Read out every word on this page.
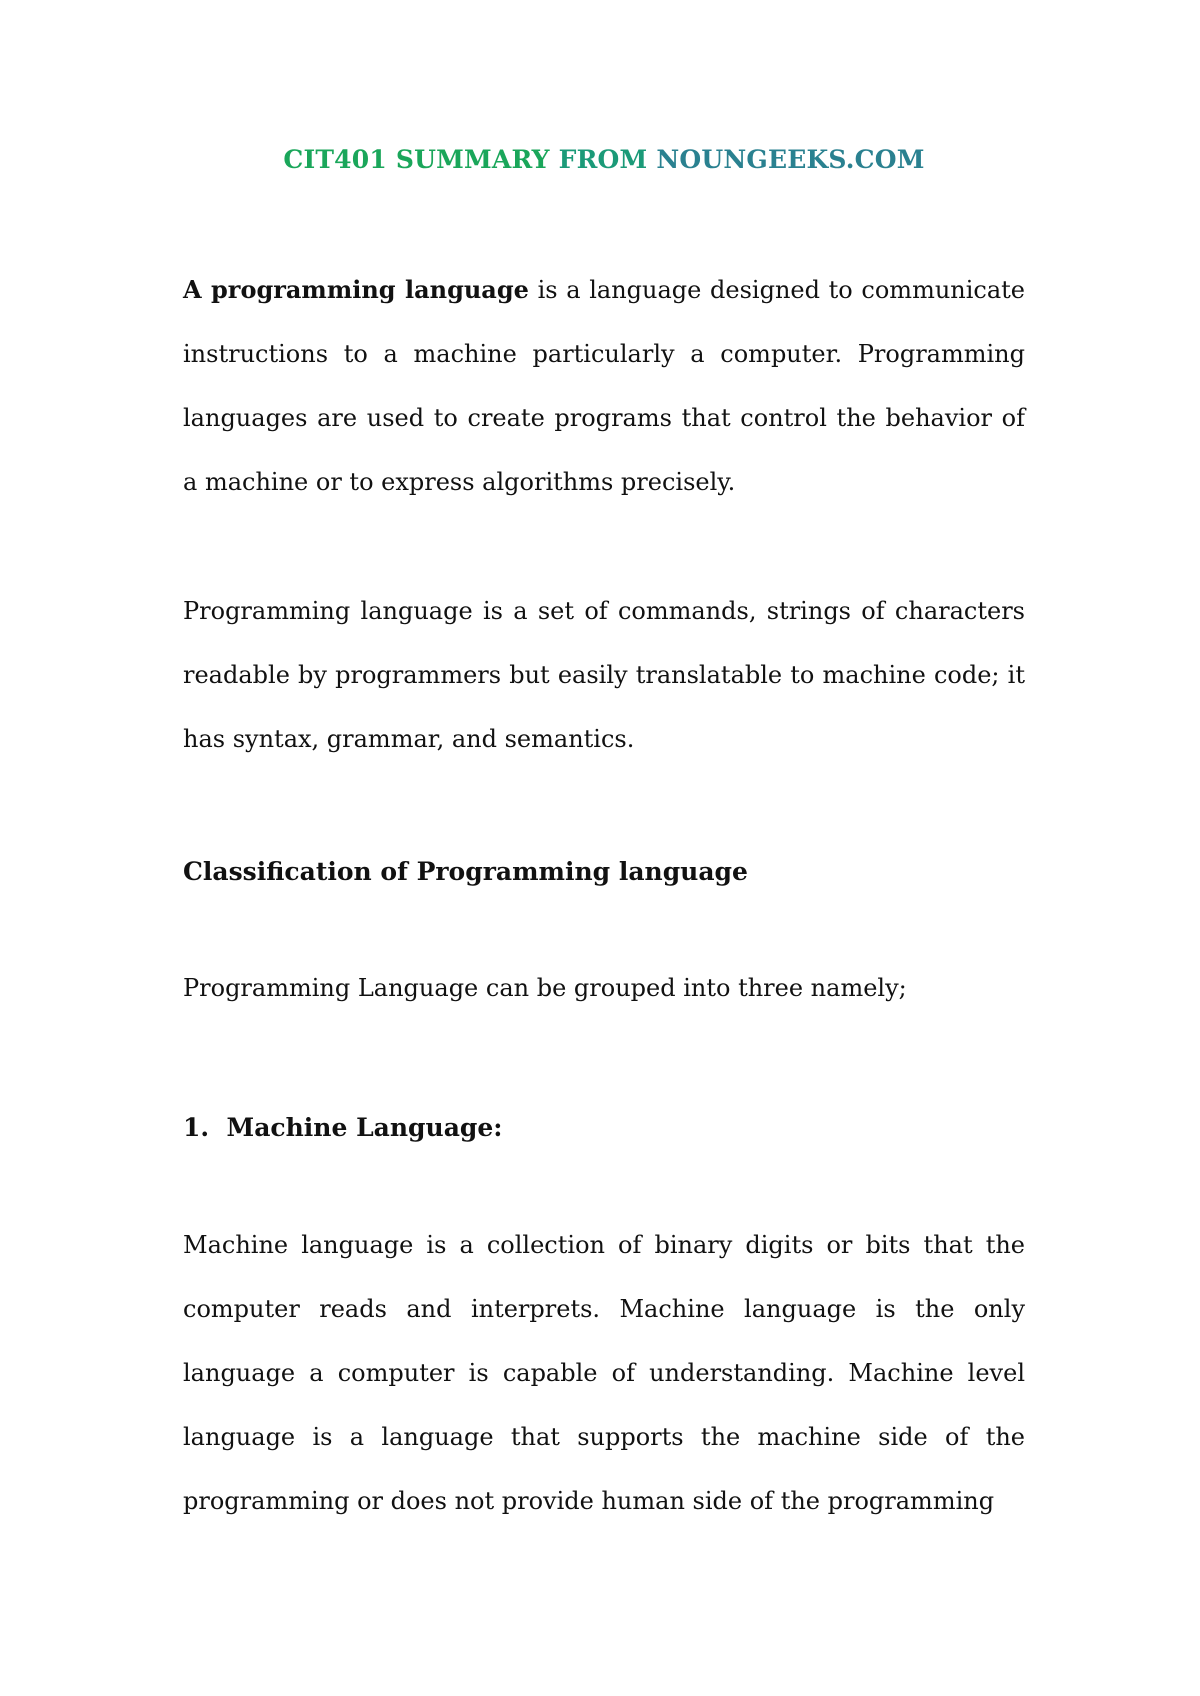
CIT401 SUMMARY FROM NOUNGEEKS.COM

A programming language is a language designed to communicate instructions to a machine particularly a computer. Programming languages are used to create programs that control the behavior of a machine or to express algorithms precisely.

Programming language is a set of commands, strings of characters readable by programmers but easily translatable to machine code; it has syntax, grammar, and semantics.

Classification of Programming language

Programming Language can be grouped into three namely;

1. Machine Language:

Machine language is a collection of binary digits or bits that the computer reads and interprets. Machine language is the only language a computer is capable of understanding. Machine level language is a language that supports the machine side of the programming or does not provide human side of the programming
